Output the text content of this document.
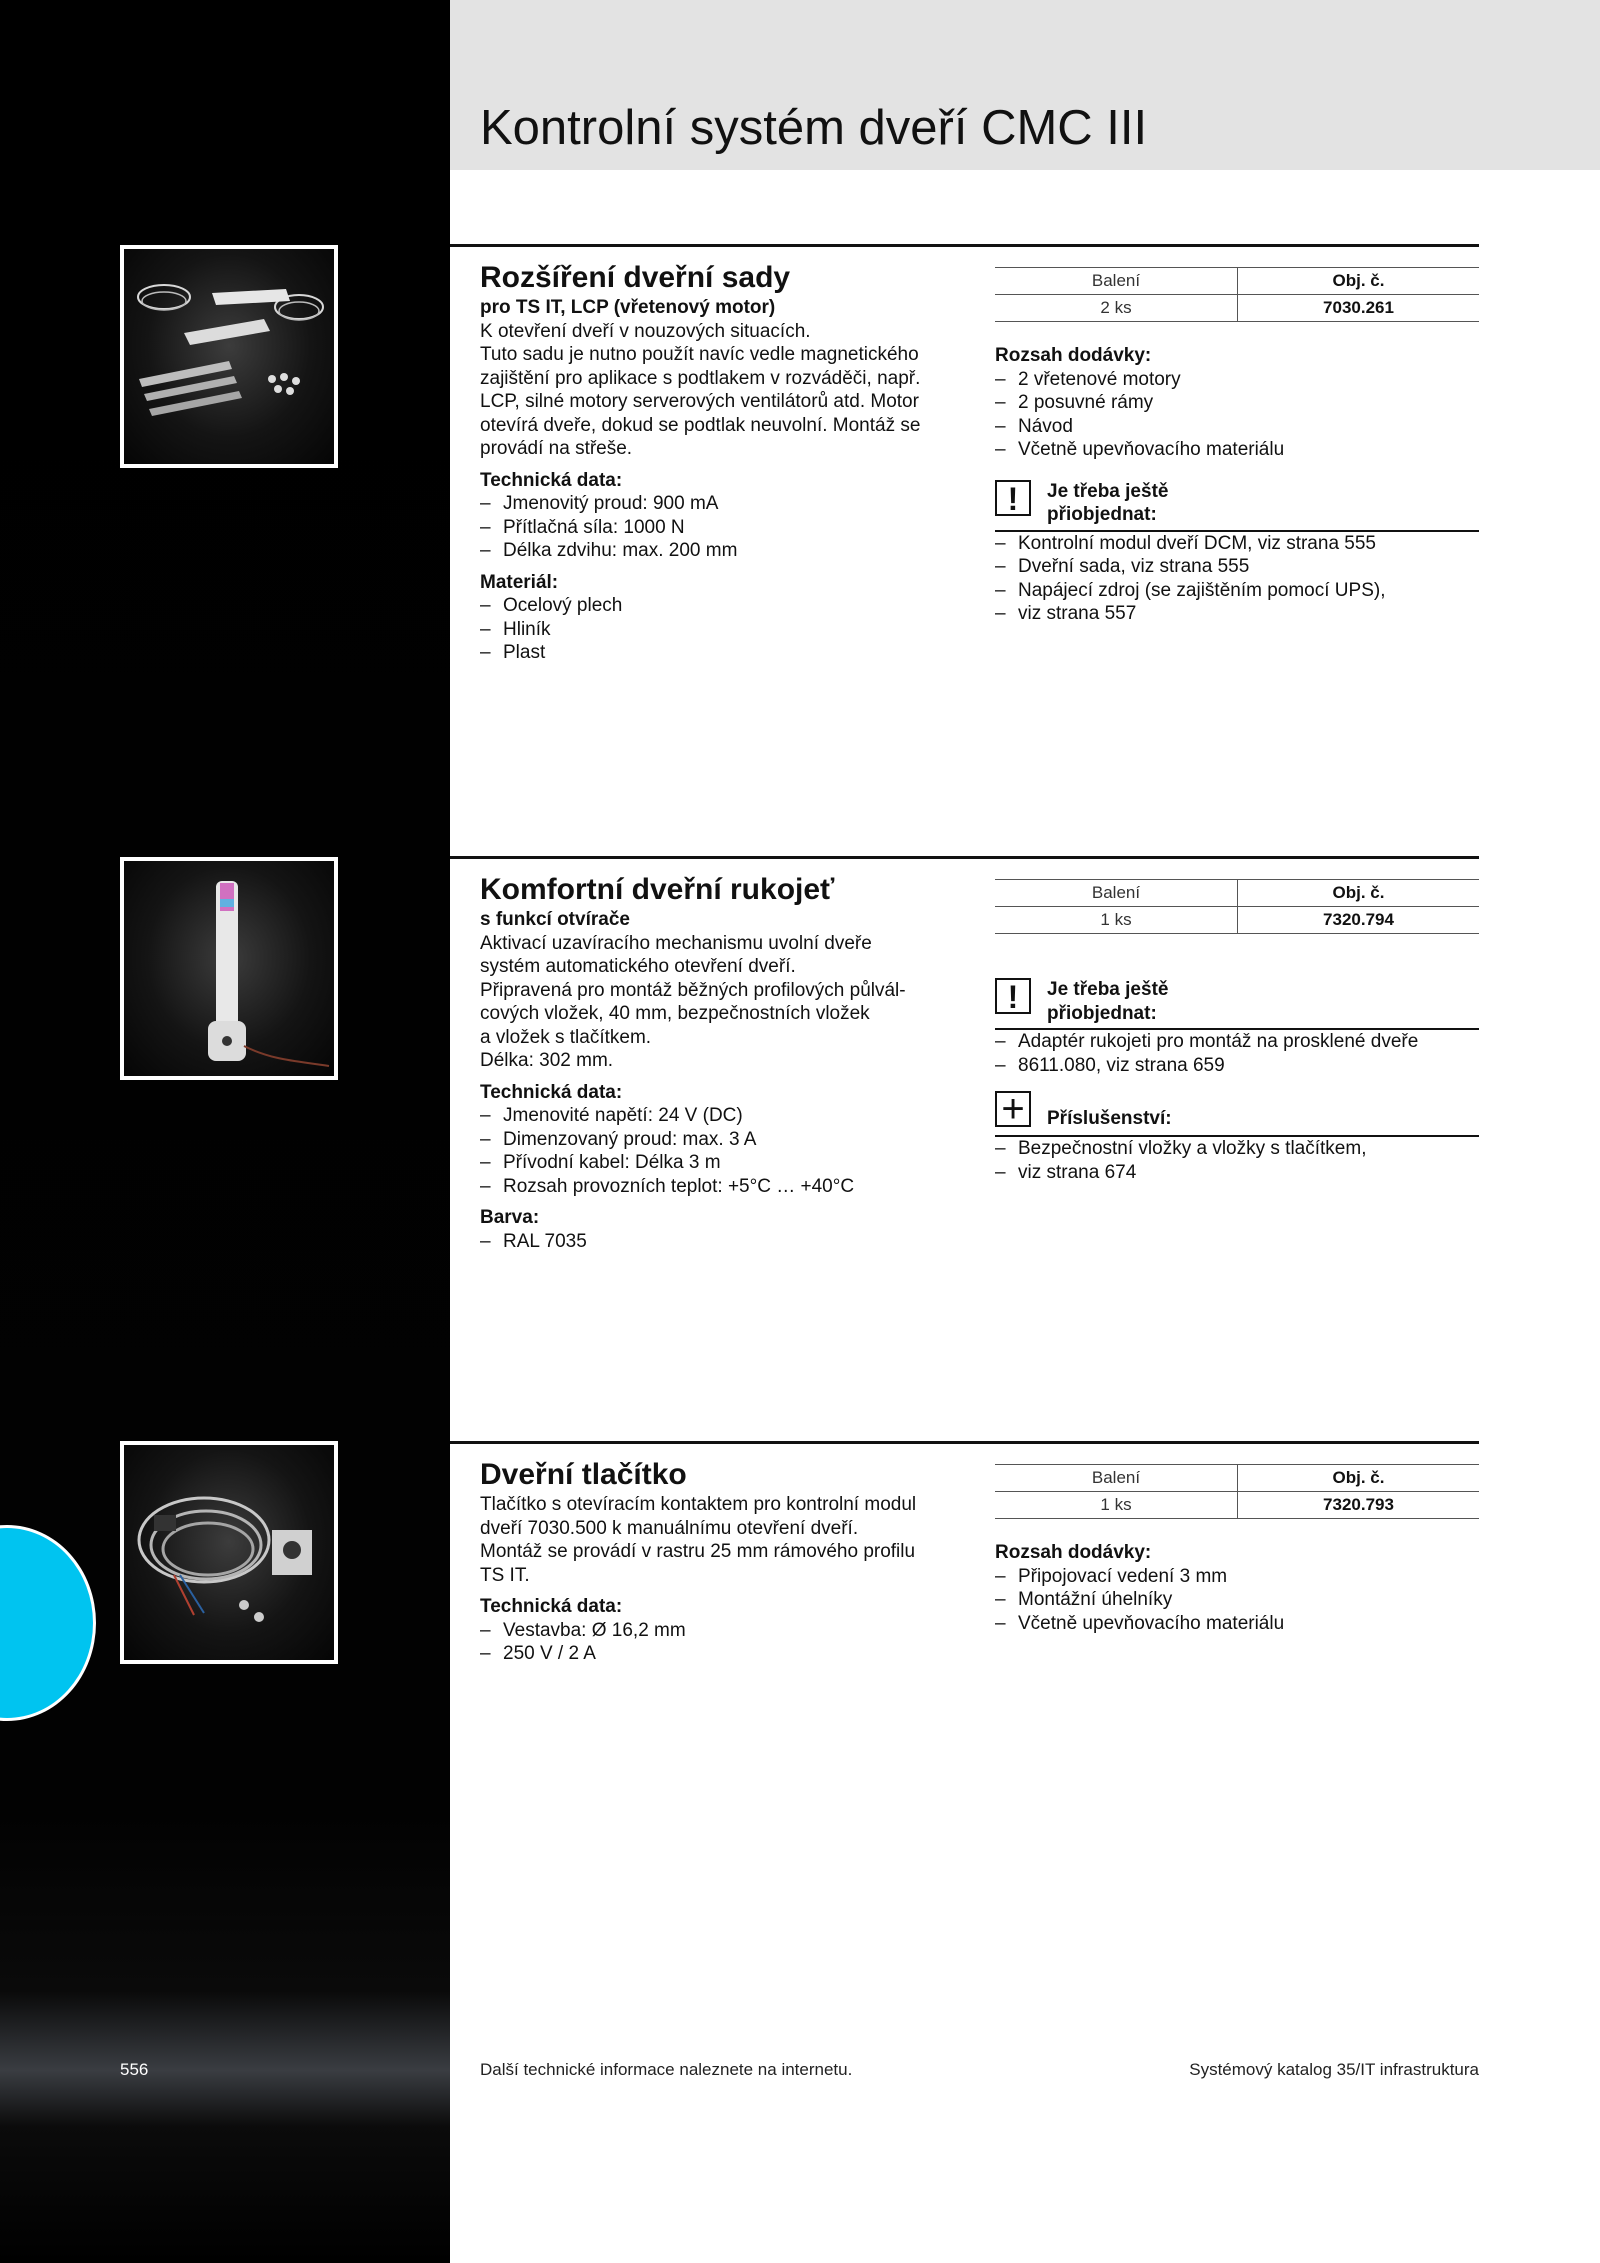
Kontrolní systém dveří CMC III
Rozšíření dveřní sady
pro TS IT, LCP (vřetenový motor)

K otevření dveří v nouzových situacích.

Tuto sadu je nutno použít navíc vedle magnetického

zajištění pro aplikace s podtlakem v rozváděči, např.

LCP, silné motory serverových ventilátorů atd. Motor

otevírá dveře, dokud se podtlak neuvolní. Montáž se

provádí na střeše.

Technická data:
– Jmenovitý proud: 900 mA
– Přítlačná síla: 1000 N
– Délka zdvihu: max. 200 mm
Materiál:
– Ocelový plech
– Hliník
– Plast
Balení	Obj. č.
2 ks	7030.261
Rozsah dodávky:
– 2 vřetenové motory
– 2 posuvné rámy
– Návod
– Včetně upevňovacího materiálu
!	Je třeba ještě
přiobjednat:
– Kontrolní modul dveří DCM, viz strana 555
– Dveřní sada, viz strana 555
– Napájecí zdroj (se zajištěním pomocí UPS),
– viz strana 557
Komfortní dveřní rukojeť
s funkcí otvírače

Aktivací uzavíracího mechanismu uvolní dveře

systém automatického otevření dveří.

Připravená pro montáž běžných profilových půlvál-

cových vložek, 40 mm, bezpečnostních vložek

a vložek s tlačítkem.

Délka: 302 mm.

Technická data:
– Jmenovité napětí: 24 V (DC)
– Dimenzovaný proud: max. 3 A
– Přívodní kabel: Délka 3 m
– Rozsah provozních teplot: +5°C … +40°C
Barva:
– RAL 7035
Balení	Obj. č.
1 ks	7320.794
!	Je třeba ještě
přiobjednat:
– Adaptér rukojeti pro montáž na prosklené dveře
– 8611.080, viz strana 659
+ Příslušenství:
– Bezpečnostní vložky a vložky s tlačítkem,
– viz strana 674
Dveřní tlačítko

Tlačítko s otevíracím kontaktem pro kontrolní modul

dveří 7030.500 k manuálnímu otevření dveří.

Montáž se provádí v rastru 25 mm rámového profilu

TS IT.

Technická data:
– Vestavba: Ø 16,2 mm
– 250 V / 2 A
Balení	Obj. č.
1 ks	7320.793
Rozsah dodávky:
– Připojovací vedení 3 mm
– Montážní úhelníky
– Včetně upevňovacího materiálu
556	Další technické informace naleznete na internetu.	Systémový katalog 35/IT infrastruktura
